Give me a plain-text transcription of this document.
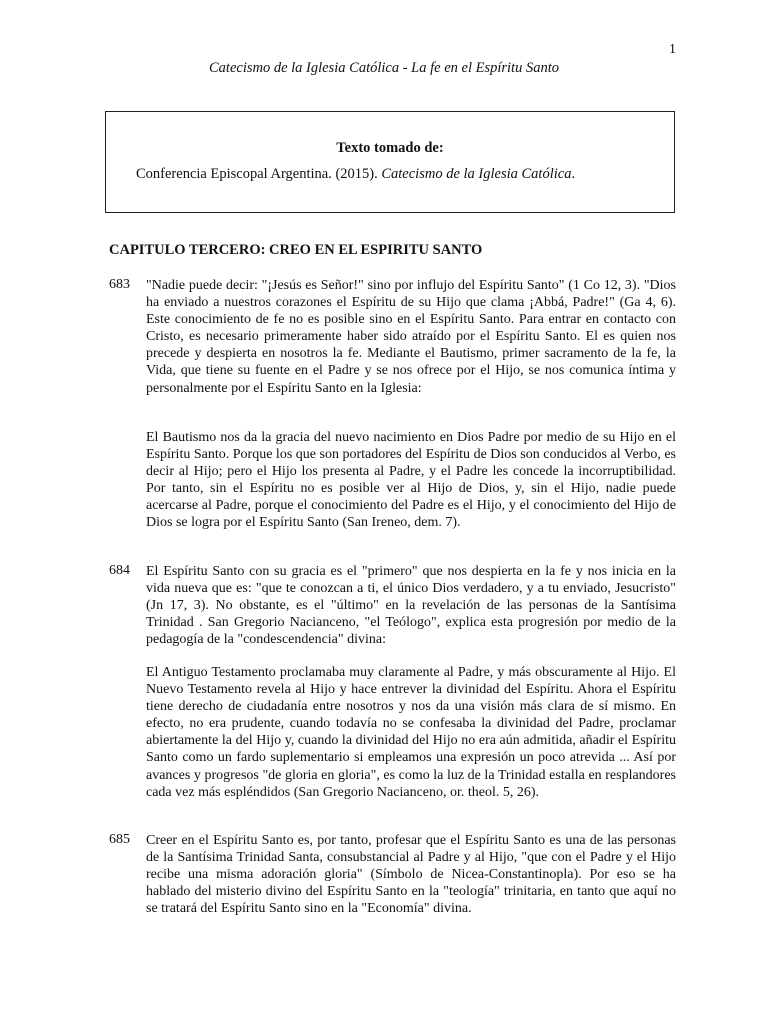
1
Catecismo de la Iglesia Católica - La fe en el Espíritu Santo
Texto tomado de:
Conferencia Episcopal Argentina. (2015). Catecismo de la Iglesia Católica.
CAPITULO TERCERO: CREO EN EL ESPIRITU SANTO
683	"Nadie puede decir: "¡Jesús es Señor!" sino por influjo del Espíritu Santo" (1 Co 12, 3). "Dios ha enviado a nuestros corazones el Espíritu de su Hijo que clama ¡Abbá, Padre!" (Ga 4, 6). Este conocimiento de fe no es posible sino en el Espíritu Santo. Para entrar en contacto con Cristo, es necesario primeramente haber sido atraído por el Espíritu Santo. El es quien nos precede y despierta en nosotros la fe. Mediante el Bautismo, primer sacramento de la fe, la Vida, que tiene su fuente en el Padre y se nos ofrece por el Hijo, se nos comunica íntima y personalmente por el Espíritu Santo en la Iglesia:

El Bautismo nos da la gracia del nuevo nacimiento en Dios Padre por medio de su Hijo en el Espíritu Santo. Porque los que son portadores del Espíritu de Dios son conducidos al Verbo, es decir al Hijo; pero el Hijo los presenta al Padre, y el Padre les concede la incorruptibilidad. Por tanto, sin el Espíritu no es posible ver al Hijo de Dios, y, sin el Hijo, nadie puede acercarse al Padre, porque el conocimiento del Padre es el Hijo, y el conocimiento del Hijo de Dios se logra por el Espíritu Santo (San Ireneo, dem. 7).

684	El Espíritu Santo con su gracia es el "primero" que nos despierta en la fe y nos inicia en la vida nueva que es: "que te conozcan a ti, el único Dios verdadero, y a tu enviado, Jesucristo" (Jn 17, 3). No obstante, es el "último" en la revelación de las personas de la Santísima Trinidad . San Gregorio Nacianceno, "el Teólogo", explica esta progresión por medio de la pedagogía de la "condescendencia" divina:

El Antiguo Testamento proclamaba muy claramente al Padre, y más obscuramente al Hijo. El Nuevo Testamento revela al Hijo y hace entrever la divinidad del Espíritu. Ahora el Espíritu tiene derecho de ciudadanía entre nosotros y nos da una visión más clara de sí mismo. En efecto, no era prudente, cuando todavía no se confesaba la divinidad del Padre, proclamar abiertamente la del Hijo y, cuando la divinidad del Hijo no era aún admitida, añadir el Espíritu Santo como un fardo suplementario si empleamos una expresión un poco atrevida ... Así por avances y progresos "de gloria en gloria", es como la luz de la Trinidad estalla en resplandores cada vez más espléndidos (San Gregorio Nacianceno, or. theol. 5, 26).

685	Creer en el Espíritu Santo es, por tanto, profesar que el Espíritu Santo es una de las personas de la Santísima Trinidad Santa, consubstancial al Padre y al Hijo, "que con el Padre y el Hijo recibe una misma adoración gloria" (Símbolo de Nicea-Constantinopla). Por eso se ha hablado del misterio divino del Espíritu Santo en la "teología" trinitaria, en tanto que aquí no se tratará del Espíritu Santo sino en la "Economía" divina.
